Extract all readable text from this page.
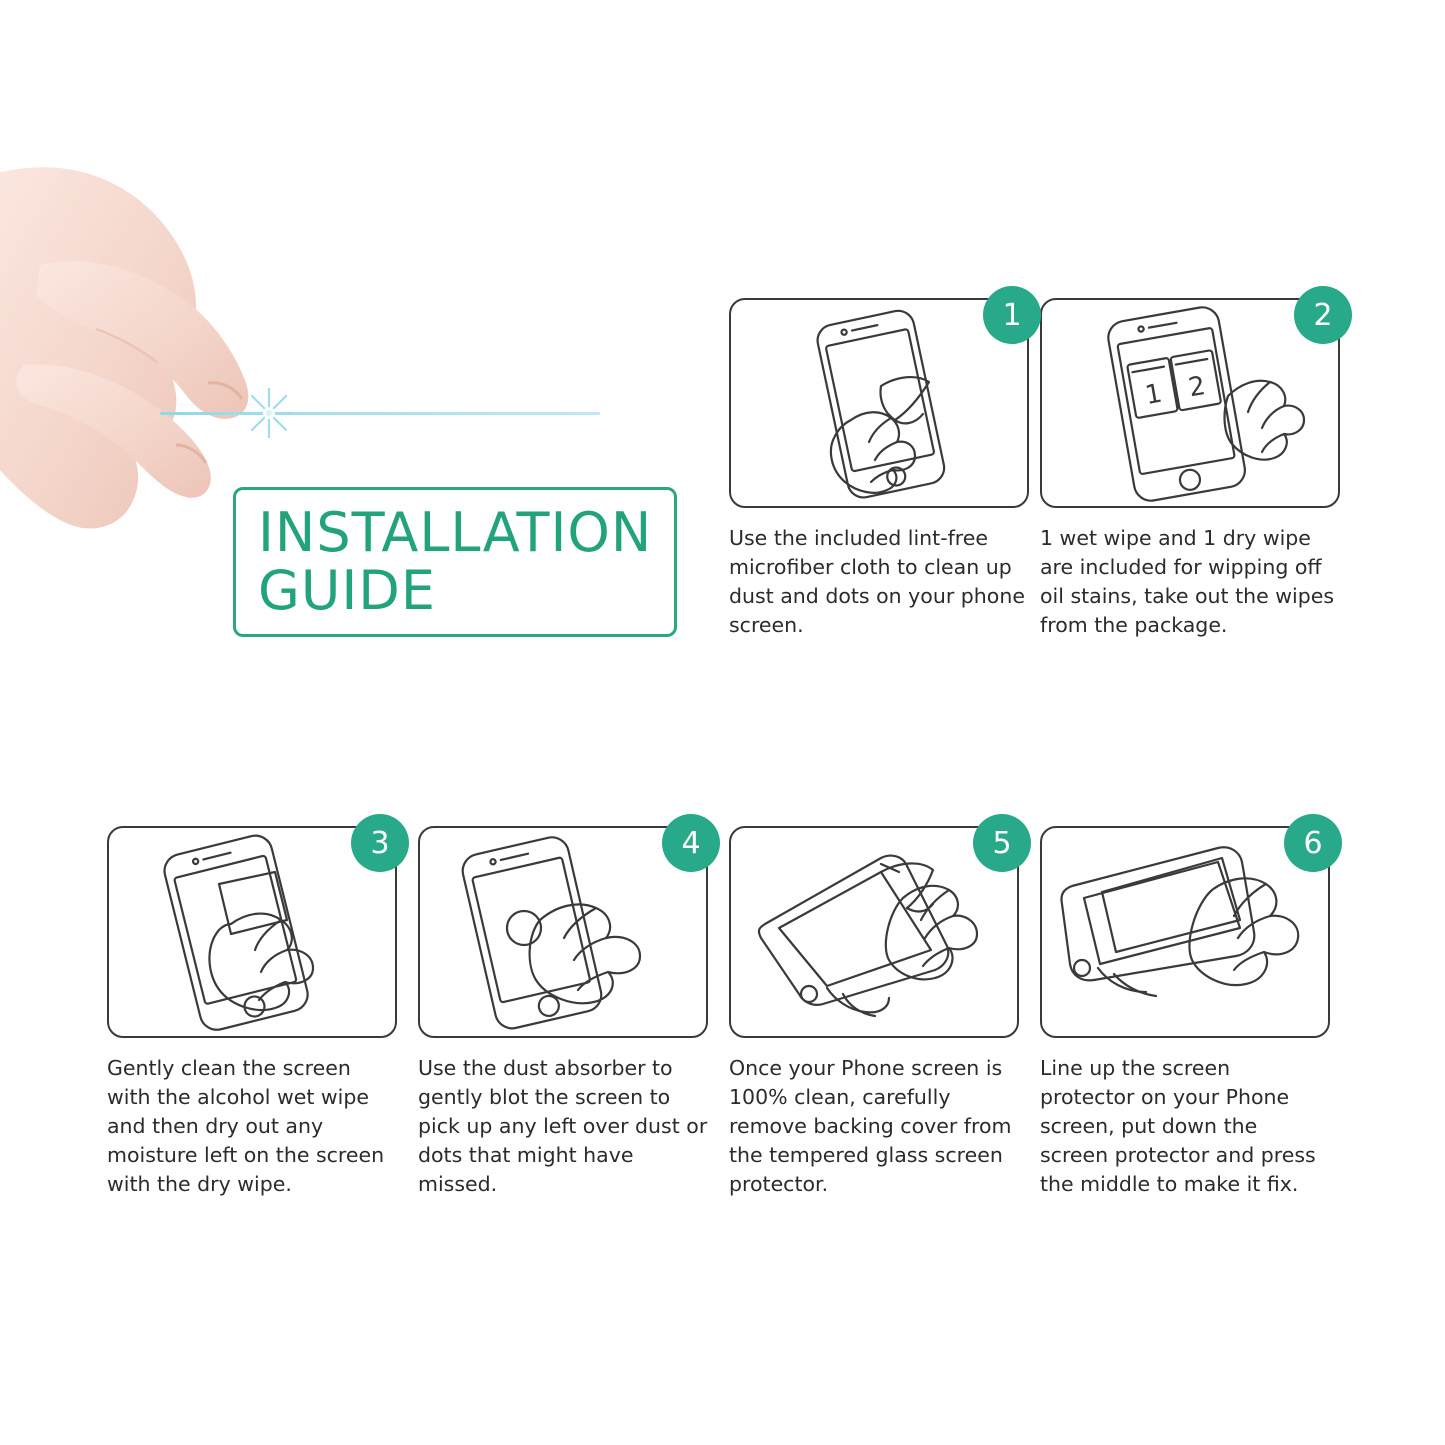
INSTALLATION
GUIDE
1
Use the included lint-free microfiber cloth to clean up dust and dots on your phone screen.
2
1 2
1 wet wipe and 1 dry wipe are included for wipping off oil stains, take out the wipes from the package.
3
Gently clean the screen with the alcohol wet wipe and then dry out any moisture left on the screen with the dry wipe.
4
Use the dust absorber to gently blot the screen to pick up any left over dust or dots that might have missed.
5
Once your Phone screen is 100% clean, carefully remove backing cover from the tempered glass screen protector.
6
Line up the screen protector on your Phone screen, put down the screen protector and press the middle to make it fix.
